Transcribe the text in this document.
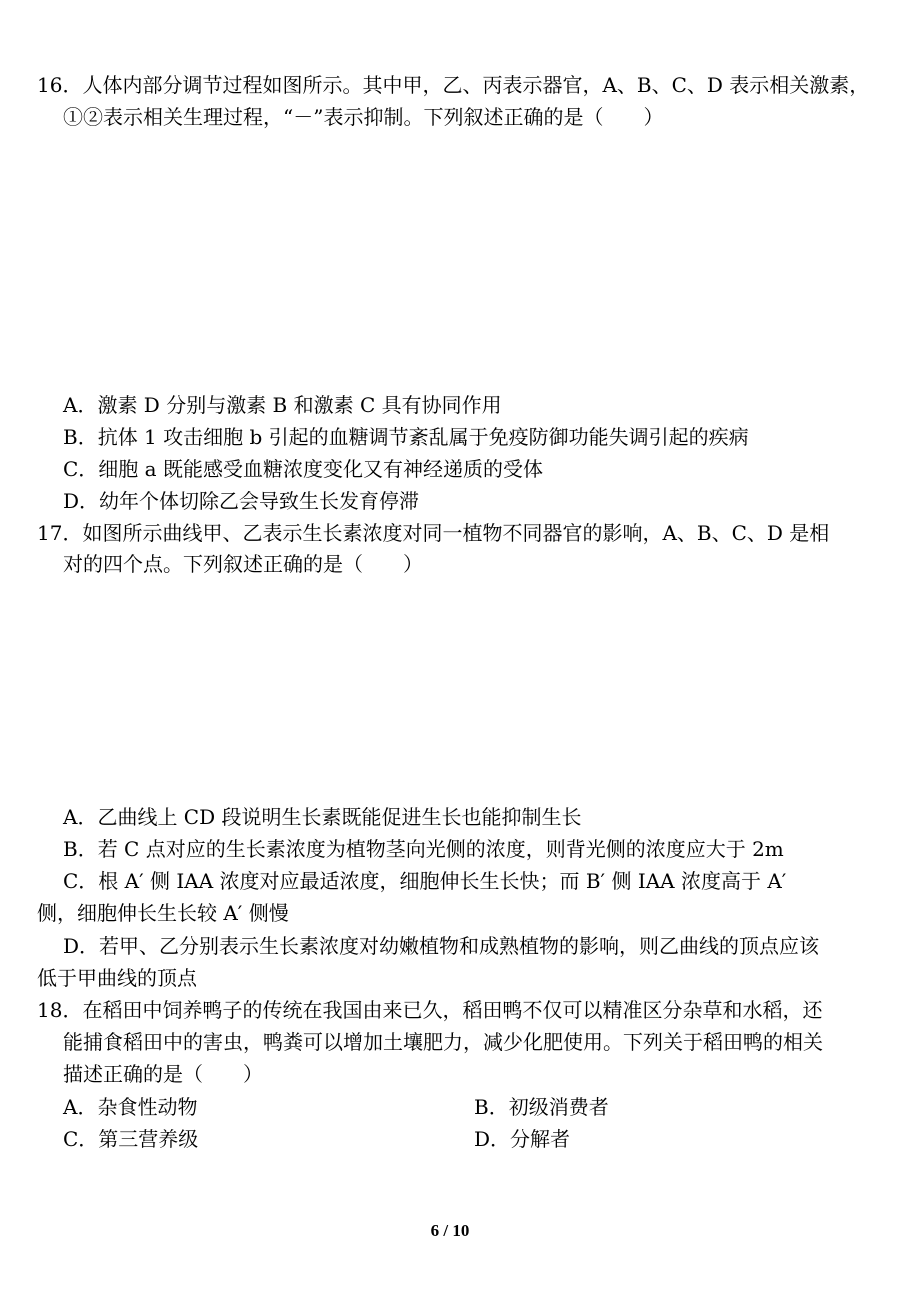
16．人体内部分调节过程如图所示。其中甲，乙、丙表示器官，A、B、C、D 表示相关激素，
①②表示相关生理过程，“－”表示抑制。下列叙述正确的是（　　）
A．激素 D 分别与激素 B 和激素 C 具有协同作用
B．抗体 1 攻击细胞 b 引起的血糖调节紊乱属于免疫防御功能失调引起的疾病
C．细胞 a 既能感受血糖浓度变化又有神经递质的受体
D．幼年个体切除乙会导致生长发育停滞
17．如图所示曲线甲、乙表示生长素浓度对同一植物不同器官的影响，A、B、C、D 是相
对的四个点。下列叙述正确的是（　　）
A．乙曲线上 CD 段说明生长素既能促进生长也能抑制生长
B．若 C 点对应的生长素浓度为植物茎向光侧的浓度，则背光侧的浓度应大于 2m
C．根 A′ 侧 IAA 浓度对应最适浓度，细胞伸长生长快；而 B′ 侧 IAA 浓度高于 A′
侧，细胞伸长生长较 A′ 侧慢
D．若甲、乙分别表示生长素浓度对幼嫩植物和成熟植物的影响，则乙曲线的顶点应该
低于甲曲线的顶点
18．在稻田中饲养鸭子的传统在我国由来已久，稻田鸭不仅可以精准区分杂草和水稻，还
能捕食稻田中的害虫，鸭粪可以增加土壤肥力，减少化肥使用。下列关于稻田鸭的相关
描述正确的是（　　）
A．杂食性动物	B．初级消费者
C．第三营养级	D．分解者
6 / 10
